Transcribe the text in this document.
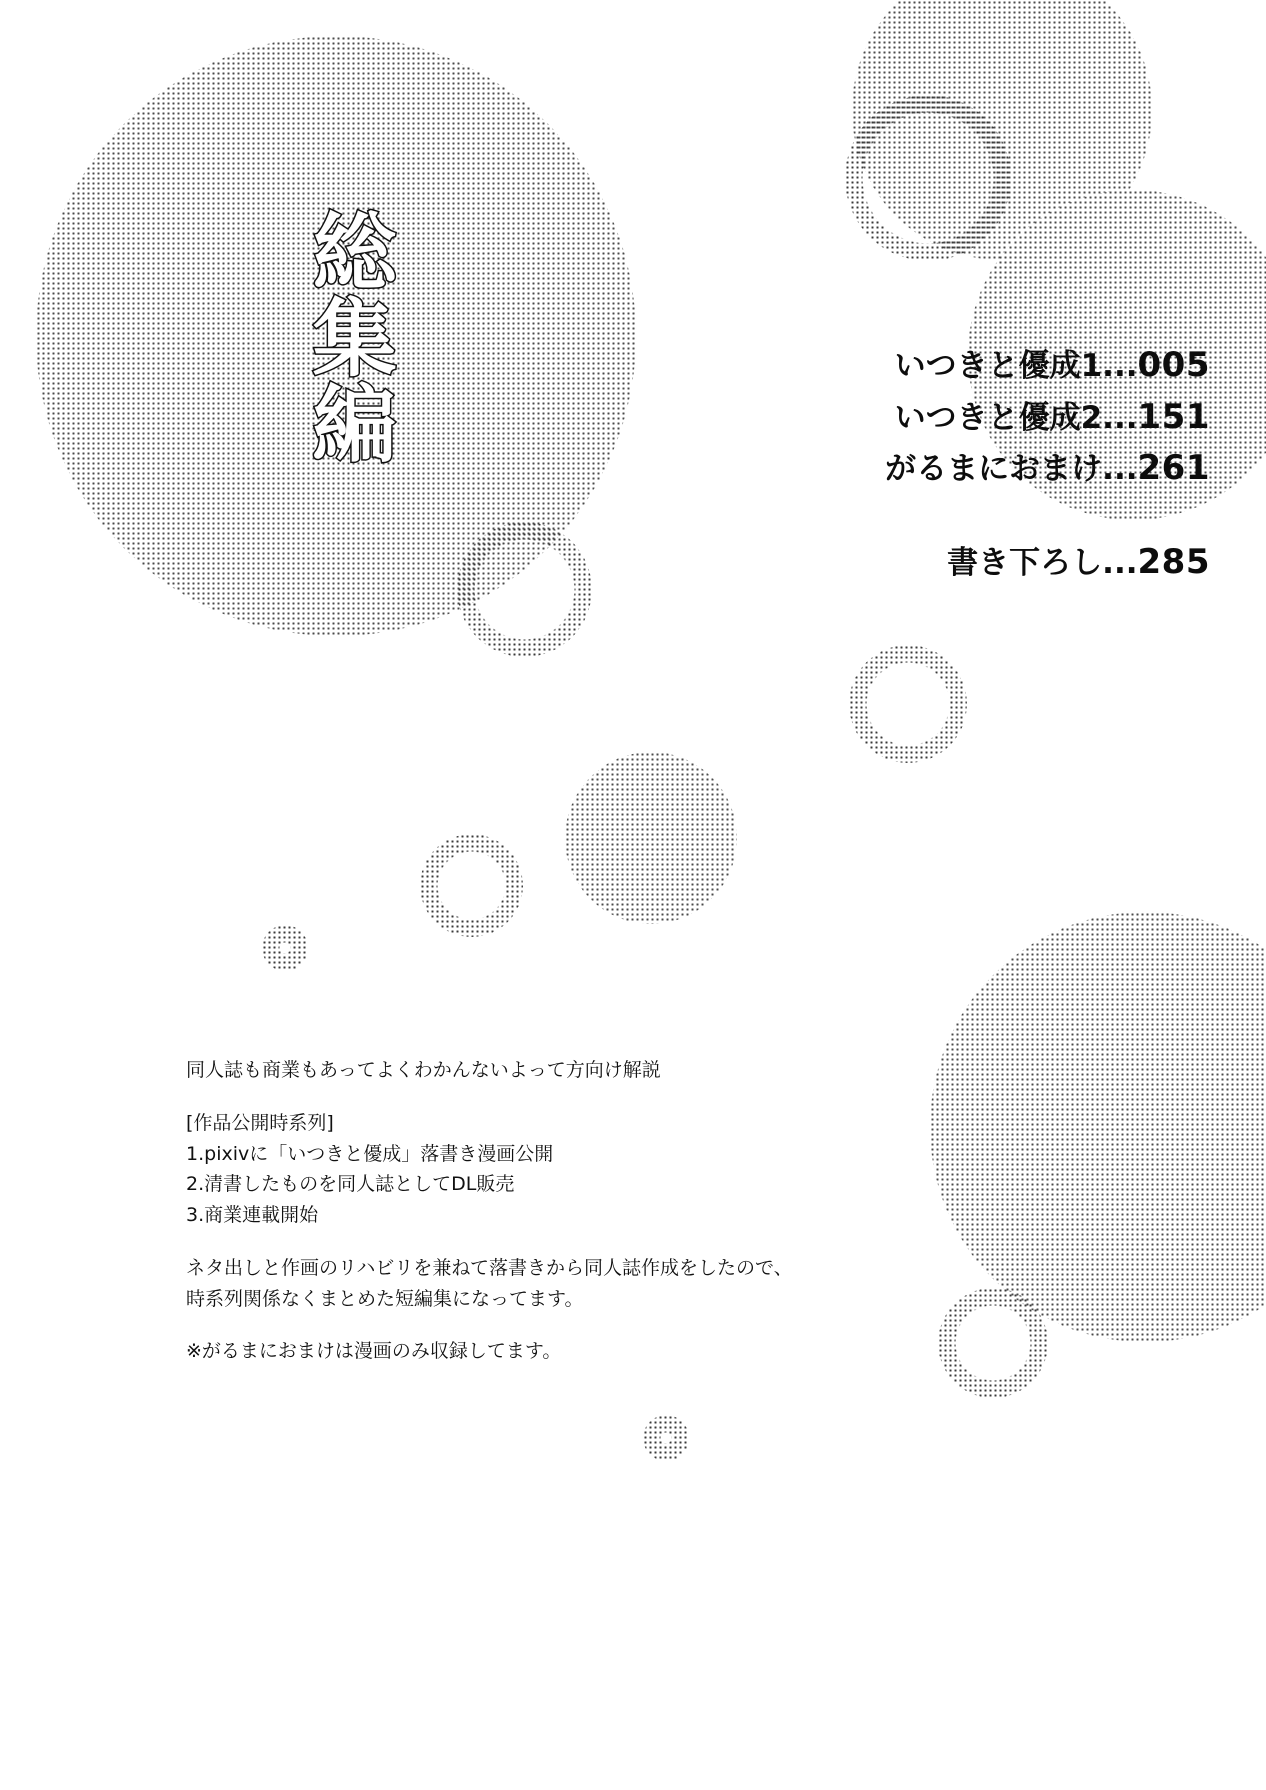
総集編	いつきと優成1...005
いつきと優成2...151
がるまにおまけ...261
書き下ろし...285

同人誌も商業もあってよくわかんないよって方向け解説

[作品公開時系列]
1.pixivに「いつきと優成」落書き漫画公開
2.清書したものを同人誌としてDL販売
3.商業連載開始

ネタ出しと作画のリハビリを兼ねて落書きから同人誌作成をしたので、
時系列関係なくまとめた短編集になってます。

※がるまにおまけは漫画のみ収録してます。
